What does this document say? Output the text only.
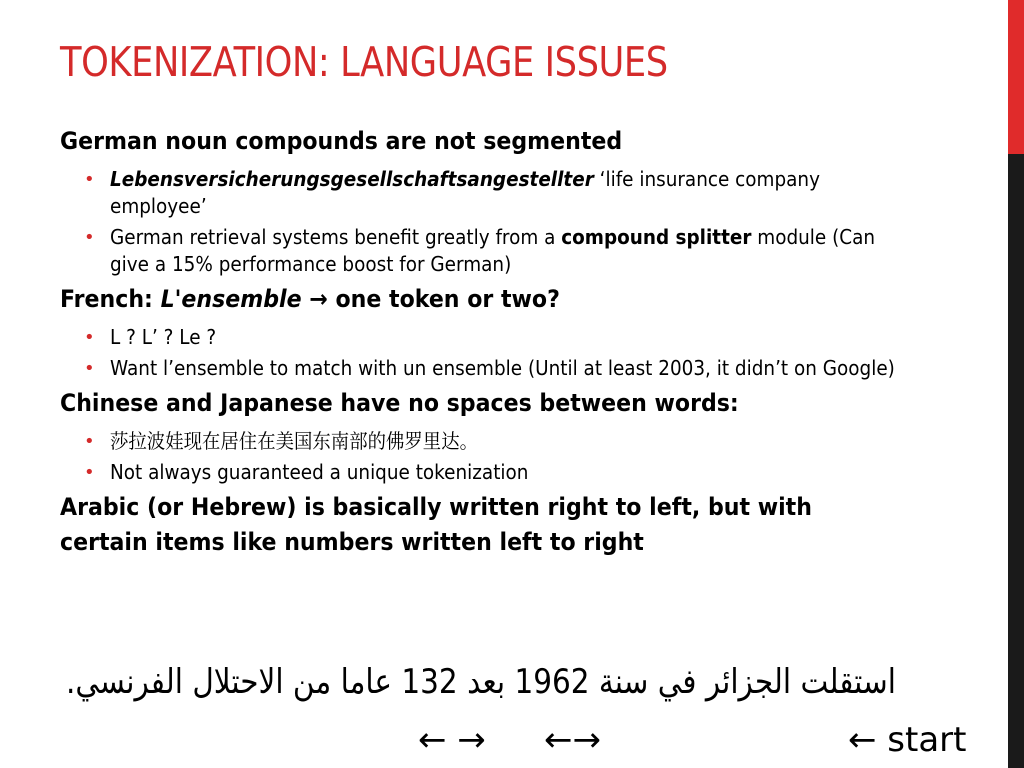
TOKENIZATION: LANGUAGE ISSUES

German noun compounds are not segmented

• Lebensversicherungsgesellschaftsangestellter ‘life insurance company employee’
• German retrieval systems benefit greatly from a compound splitter module (Can give a 15% performance boost for German)

French: L'ensemble → one token or two?

• L ? L’ ? Le ?
• Want l’ensemble to match with un ensemble (Until at least 2003, it didn’t on Google)

Chinese and Japanese have no spaces between words:

• 莎拉波娃现在居住在美国东南部的佛罗里达。
• Not always guaranteed a unique tokenization

Arabic (or Hebrew) is basically written right to left, but with certain items like numbers written left to right

استقلت الجزائر في سنة 1962 بعد 132 عاما من الاحتلال الفرنسي.
← → ←→	← start
